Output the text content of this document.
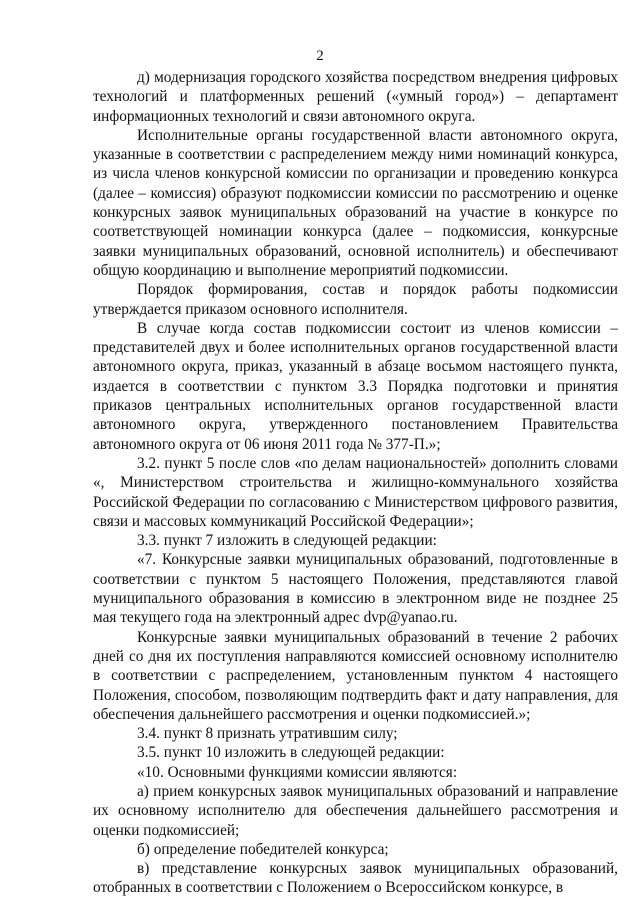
2

д) модернизация городского хозяйства посредством внедрения цифровых технологий и платформенных решений («умный город») – департамент информационных технологий и связи автономного округа.

Исполнительные органы государственной власти автономного округа, указанные в соответствии с распределением между ними номинаций конкурса, из числа членов конкурсной комиссии по организации и проведению конкурса (далее – комиссия) образуют подкомиссии комиссии по рассмотрению и оценке конкурсных заявок муниципальных образований на участие в конкурсе по соответствующей номинации конкурса (далее – подкомиссия, конкурсные заявки муниципальных образований, основной исполнитель) и обеспечивают общую координацию и выполнение мероприятий подкомиссии.

Порядок формирования, состав и порядок работы подкомиссии утверждается приказом основного исполнителя.

В случае когда состав подкомиссии состоит из членов комиссии – представителей двух и более исполнительных органов государственной власти автономного округа, приказ, указанный в абзаце восьмом настоящего пункта, издается в соответствии с пунктом 3.3 Порядка подготовки и принятия приказов центральных исполнительных органов государственной власти автономного округа, утвержденного постановлением Правительства автономного округа от 06 июня 2011 года № 377-П.»;

3.2. пункт 5 после слов «по делам национальностей» дополнить словами «, Министерством строительства и жилищно-коммунального хозяйства Российской Федерации по согласованию с Министерством цифрового развития, связи и массовых коммуникаций Российской Федерации»;

3.3. пункт 7 изложить в следующей редакции:

«7. Конкурсные заявки муниципальных образований, подготовленные в соответствии с пунктом 5 настоящего Положения, представляются главой муниципального образования в комиссию в электронном виде не позднее 25 мая текущего года на электронный адрес dvp@yanao.ru.

Конкурсные заявки муниципальных образований в течение 2 рабочих дней со дня их поступления направляются комиссией основному исполнителю в соответствии с распределением, установленным пунктом 4 настоящего Положения, способом, позволяющим подтвердить факт и дату направления, для обеспечения дальнейшего рассмотрения и оценки подкомиссией.»;

3.4. пункт 8 признать утратившим силу;

3.5. пункт 10 изложить в следующей редакции:

«10. Основными функциями комиссии являются:

а) прием конкурсных заявок муниципальных образований и направление их основному исполнителю для обеспечения дальнейшего рассмотрения и оценки подкомиссией;

б) определение победителей конкурса;

в) представление конкурсных заявок муниципальных образований, отобранных в соответствии с Положением о Всероссийском конкурсе, в
